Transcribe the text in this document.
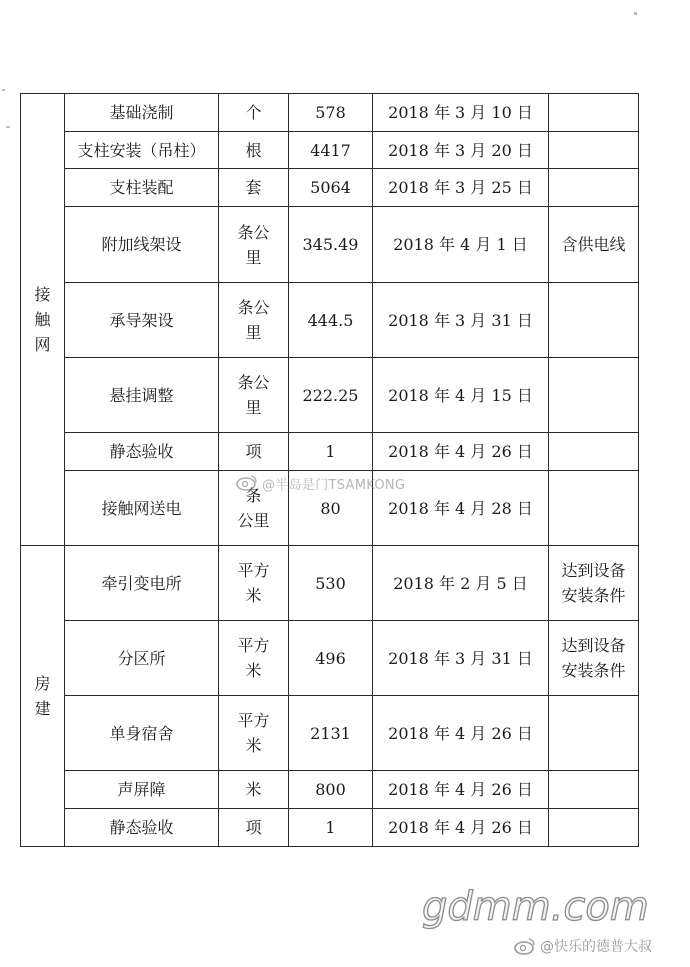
接
触
网	基础浇制	个	578	2018 年 3 月 10 日	
	支柱安装（吊柱）	根	4417	2018 年 3 月 20 日	
	支柱装配	套	5064	2018 年 3 月 25 日	
	附加线架设	条公
里	345.49	2018 年 4 月 1 日	含供电线

	承导架设	条公
里	444.5	2018 年 3 月 31 日	
	悬挂调整	条公
里	222.25	2018 年 4 月 15 日	
	静态验收	项	1	2018 年 4 月 26 日	
	接触网送电	条
公里	80	2018 年 4 月 28 日	

房
建	牵引变电所	平方
米	530	2018 年 2 月 5 日	达到设备
安装条件

	分区所	平方
米	496	2018 年 3 月 31 日	达到设备
安装条件

	单身宿舍	平方
米	2131	2018 年 4 月 26 日	
	声屏障	米	800	2018 年 4 月 26 日	
	静态验收	项	1	2018 年 4 月 26 日	
@半岛是门TSAMKONG
gdmm.com
@快乐的德普大叔
